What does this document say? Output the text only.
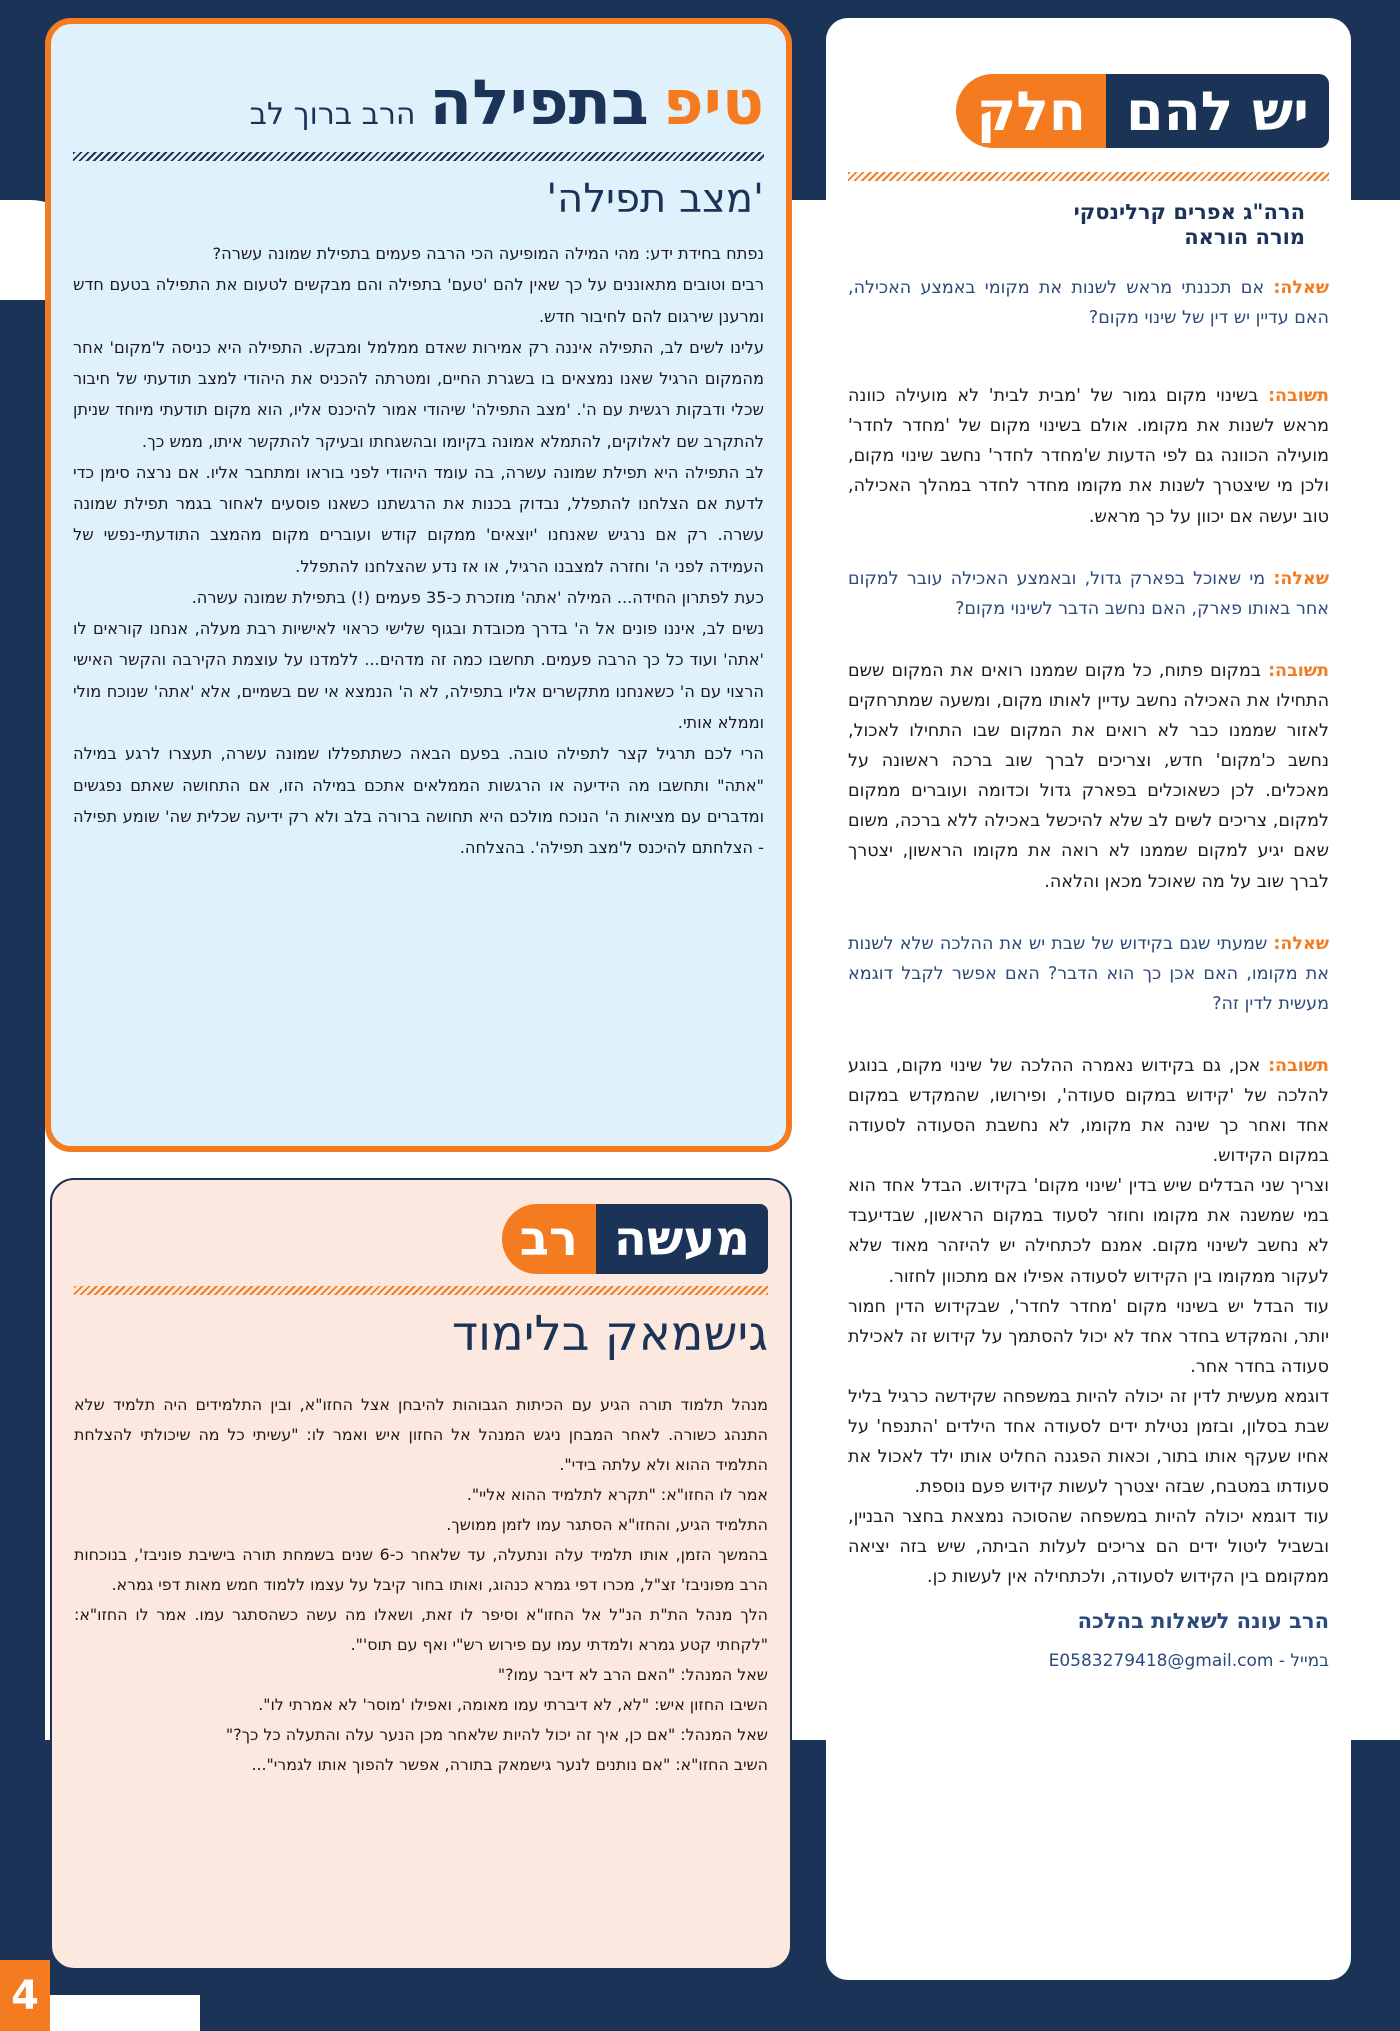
4
יש להם
חלק
הרה"ג אפרים קרלינסקי
מורה הוראה

שאלה: אם תכננתי מראש לשנות את מקומי באמצע האכילה, האם עדיין יש דין של שינוי מקום?

תשובה: בשינוי מקום גמור של 'מבית לבית' לא מועילה כוונה מראש לשנות את מקומו. אולם בשינוי מקום של 'מחדר לחדר' מועילה הכוונה גם לפי הדעות ש'מחדר לחדר' נחשב שינוי מקום, ולכן מי שיצטרך לשנות את מקומו מחדר לחדר במהלך האכילה, טוב יעשה אם יכוון על כך מראש.

שאלה: מי שאוכל בפארק גדול, ובאמצע האכילה עובר למקום אחר באותו פארק, האם נחשב הדבר לשינוי מקום?

תשובה: במקום פתוח, כל מקום שממנו רואים את המקום ששם התחילו את האכילה נחשב עדיין לאותו מקום, ומשעה שמתרחקים לאזור שממנו כבר לא רואים את המקום שבו התחילו לאכול, נחשב כ'מקום' חדש, וצריכים לברך שוב ברכה ראשונה על מאכלים. לכן כשאוכלים בפארק גדול וכדומה ועוברים ממקום למקום, צריכים לשים לב שלא להיכשל באכילה ללא ברכה, משום שאם יגיע למקום שממנו לא רואה את מקומו הראשון, יצטרך לברך שוב על מה שאוכל מכאן והלאה.

שאלה: שמעתי שגם בקידוש של שבת יש את ההלכה שלא לשנות את מקומו, האם אכן כך הוא הדבר? האם אפשר לקבל דוגמא מעשית לדין זה?

תשובה: אכן, גם בקידוש נאמרה ההלכה של שינוי מקום, בנוגע להלכה של 'קידוש במקום סעודה', ופירושו, שהמקדש במקום אחד ואחר כך שינה את מקומו, לא נחשבת הסעודה לסעודה במקום הקידוש.

וצריך שני הבדלים שיש בדין 'שינוי מקום' בקידוש. הבדל אחד הוא במי שמשנה את מקומו וחוזר לסעוד במקום הראשון, שבדיעבד לא נחשב לשינוי מקום. אמנם לכתחילה יש להיזהר מאוד שלא לעקור ממקומו בין הקידוש לסעודה אפילו אם מתכוון לחזור.

עוד הבדל יש בשינוי מקום 'מחדר לחדר', שבקידוש הדין חמור יותר, והמקדש בחדר אחד לא יכול להסתמך על קידוש זה לאכילת סעודה בחדר אחר.

דוגמא מעשית לדין זה יכולה להיות במשפחה שקידשה כרגיל בליל שבת בסלון, ובזמן נטילת ידים לסעודה אחד הילדים 'התנפח' על אחיו שעקף אותו בתור, וכאות הפגנה החליט אותו ילד לאכול את סעודתו במטבח, שבזה יצטרך לעשות קידוש פעם נוספת.

עוד דוגמא יכולה להיות במשפחה שהסוכה נמצאת בחצר הבניין, ובשביל ליטול ידים הם צריכים לעלות הביתה, שיש בזה יציאה ממקומם בין הקידוש לסעודה, ולכתחילה אין לעשות כן.

הרב עונה לשאלות בהלכה
במייל - E0583279418@gmail.com
טיפ
בתפילה
הרב ברוך לב
'מצב תפילה'

נפתח בחידת ידע: מהי המילה המופיעה הכי הרבה פעמים בתפילת שמונה עשרה?

רבים וטובים מתאוננים על כך שאין להם 'טעם' בתפילה והם מבקשים לטעום את התפילה בטעם חדש ומרענן שירגום להם לחיבור חדש.

עלינו לשים לב, התפילה איננה רק אמירות שאדם ממלמל ומבקש. התפילה היא כניסה ל'מקום' אחר מהמקום הרגיל שאנו נמצאים בו בשגרת החיים, ומטרתה להכניס את היהודי למצב תודעתי של חיבור שכלי ודבקות רגשית עם ה'. 'מצב התפילה' שיהודי אמור להיכנס אליו, הוא מקום תודעתי מיוחד שניתן להתקרב שם לאלוקים, להתמלא אמונה בקיומו ובהשגחתו ובעיקר להתקשר איתו, ממש כך.

לב התפילה היא תפילת שמונה עשרה, בה עומד היהודי לפני בוראו ומתחבר אליו. אם נרצה סימן כדי לדעת אם הצלחנו להתפלל, נבדוק בכנות את הרגשתנו כשאנו פוסעים לאחור בגמר תפילת שמונה עשרה. רק אם נרגיש שאנחנו 'יוצאים' ממקום קודש ועוברים מקום מהמצב התודעתי-נפשי של העמידה לפני ה' וחזרה למצבנו הרגיל, או אז נדע שהצלחנו להתפלל.

כעת לפתרון החידה... המילה 'אתה' מוזכרת כ-35 פעמים (!) בתפילת שמונה עשרה.

נשים לב, איננו פונים אל ה' בדרך מכובדת ובגוף שלישי כראוי לאישיות רבת מעלה, אנחנו קוראים לו 'אתה' ועוד כל כך הרבה פעמים. תחשבו כמה זה מדהים... ללמדנו על עוצמת הקירבה והקשר האישי הרצוי עם ה' כשאנחנו מתקשרים אליו בתפילה, לא ה' הנמצא אי שם בשמיים, אלא 'אתה' שנוכח מולי וממלא אותי.

הרי לכם תרגיל קצר לתפילה טובה. בפעם הבאה כשתתפללו שמונה עשרה, תעצרו לרגע במילה "אתה" ותחשבו מה הידיעה או הרגשות הממלאים אתכם במילה הזו, אם התחושה שאתם נפגשים ומדברים עם מציאות ה' הנוכח מולכם היא תחושה ברורה בלב ולא רק ידיעה שכלית שה' שומע תפילה - הצלחתם להיכנס ל'מצב תפילה'. בהצלחה.

מעשה
רב
גישמאק בלימוד

מנהל תלמוד תורה הגיע עם הכיתות הגבוהות להיבחן אצל החזו"א, ובין התלמידים היה תלמיד שלא התנהג כשורה. לאחר המבחן ניגש המנהל אל החזון איש ואמר לו: "עשיתי כל מה שיכולתי להצלחת התלמיד ההוא ולא עלתה בידי".

אמר לו החזו"א: "תקרא לתלמיד ההוא אליי".

התלמיד הגיע, והחזו"א הסתגר עמו לזמן ממושך.

בהמשך הזמן, אותו תלמיד עלה ונתעלה, עד שלאחר כ-6 שנים בשמחת תורה בישיבת פוניבז', בנוכחות הרב מפוניבז' זצ"ל, מכרו דפי גמרא כנהוג, ואותו בחור קיבל על עצמו ללמוד חמש מאות דפי גמרא.

הלך מנהל הת"ת הנ"ל אל החזו"א וסיפר לו זאת, ושאלו מה עשה כשהסתגר עמו. אמר לו החזו"א: "לקחתי קטע גמרא ולמדתי עמו עם פירוש רש"י ואף עם תוס'".

שאל המנהל: "האם הרב לא דיבר עמו?"

השיבו החזון איש: "לא, לא דיברתי עמו מאומה, ואפילו 'מוסר' לא אמרתי לו".

שאל המנהל: "אם כן, איך זה יכול להיות שלאחר מכן הנער עלה והתעלה כל כך?"

השיב החזו"א: "אם נותנים לנער גישמאק בתורה, אפשר להפוך אותו לגמרי"...
